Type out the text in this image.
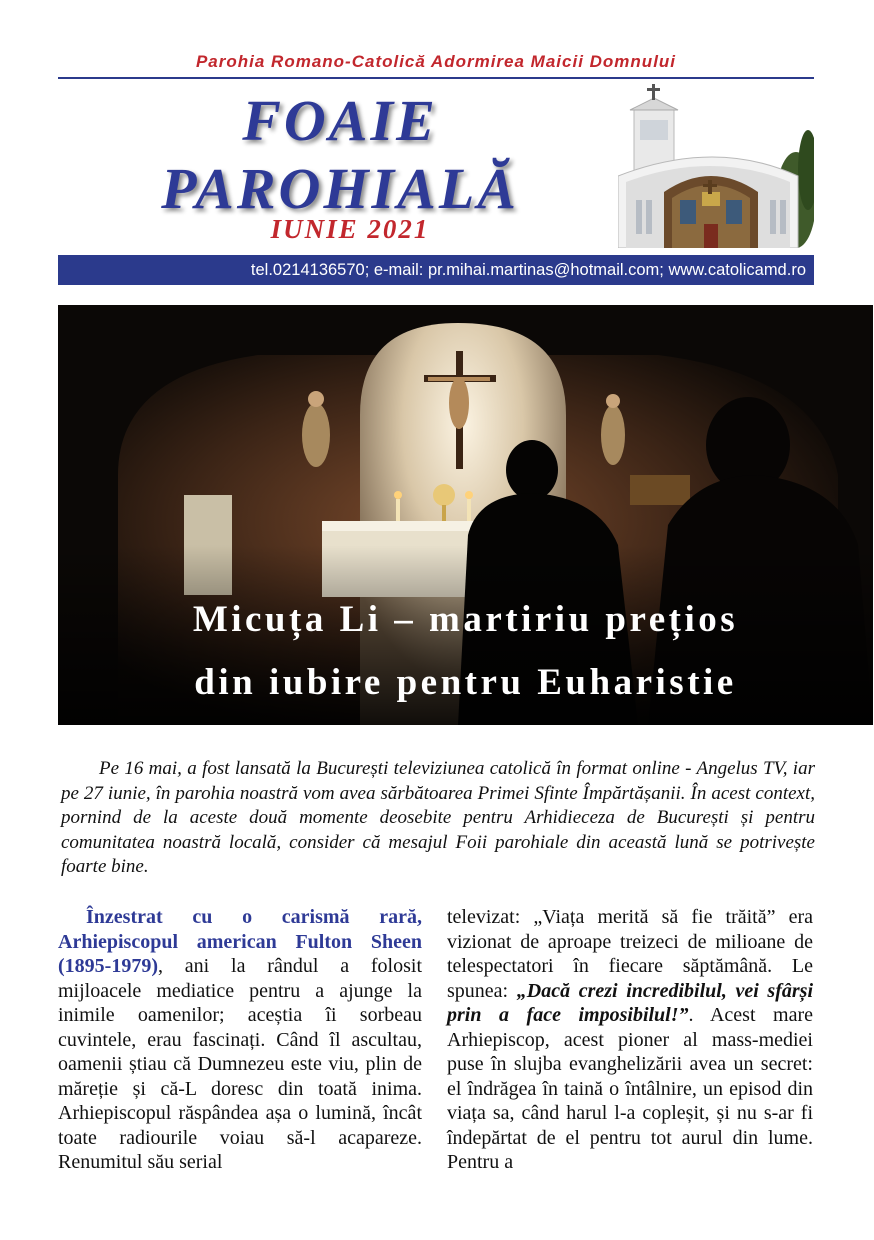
Parohia Romano-Catolică Adormirea Maicii Domnului
FOAIE
PAROHIALĂ
IUNIE 2021
tel.0214136570; e-mail: pr.mihai.martinas@hotmail.com; www.catolicamd.ro
Micuța Li – martiriu prețios
din iubire pentru Euharistie

Pe 16 mai, a fost lansată la București televiziunea catolică în format online - Angelus TV, iar pe 27 iunie, în parohia noastră vom avea sărbătoarea Primei Sfinte Împărtășanii. În acest context, pornind de la aceste două momente deosebite pentru Arhidieceza de București și pentru comunitatea noastră locală, consider că mesajul Foii parohiale din această lună se potrivește foarte bine.

Înzestrat cu o carismă rară, Arhiepiscopul american Fulton Sheen (1895-1979), ani la rândul a folosit mijloacele mediatice pentru a ajunge la inimile oamenilor; aceștia îi sorbeau cuvintele, erau fascinați. Când îl ascultau, oamenii știau că Dumnezeu este viu, plin de măreție și că-L doresc din toată inima. Arhiepiscopul răspândea așa o lumină, încât toate radiourile voiau să-l acapareze. Renumitul său serial

televizat: „Viața merită să fie trăită” era vizionat de aproape treizeci de milioane de telespectatori în fiecare săptămână. Le spunea: „Dacă crezi incredibilul, vei sfârși prin a face imposibilul!”. Acest mare Arhiepiscop, acest pioner al mass-mediei puse în slujba evanghelizării avea un secret: el îndrăgea în taină o întâlnire, un episod din viața sa, când harul l-a copleșit, și nu s-ar fi îndepărtat de el pentru tot aurul din lume. Pentru a
